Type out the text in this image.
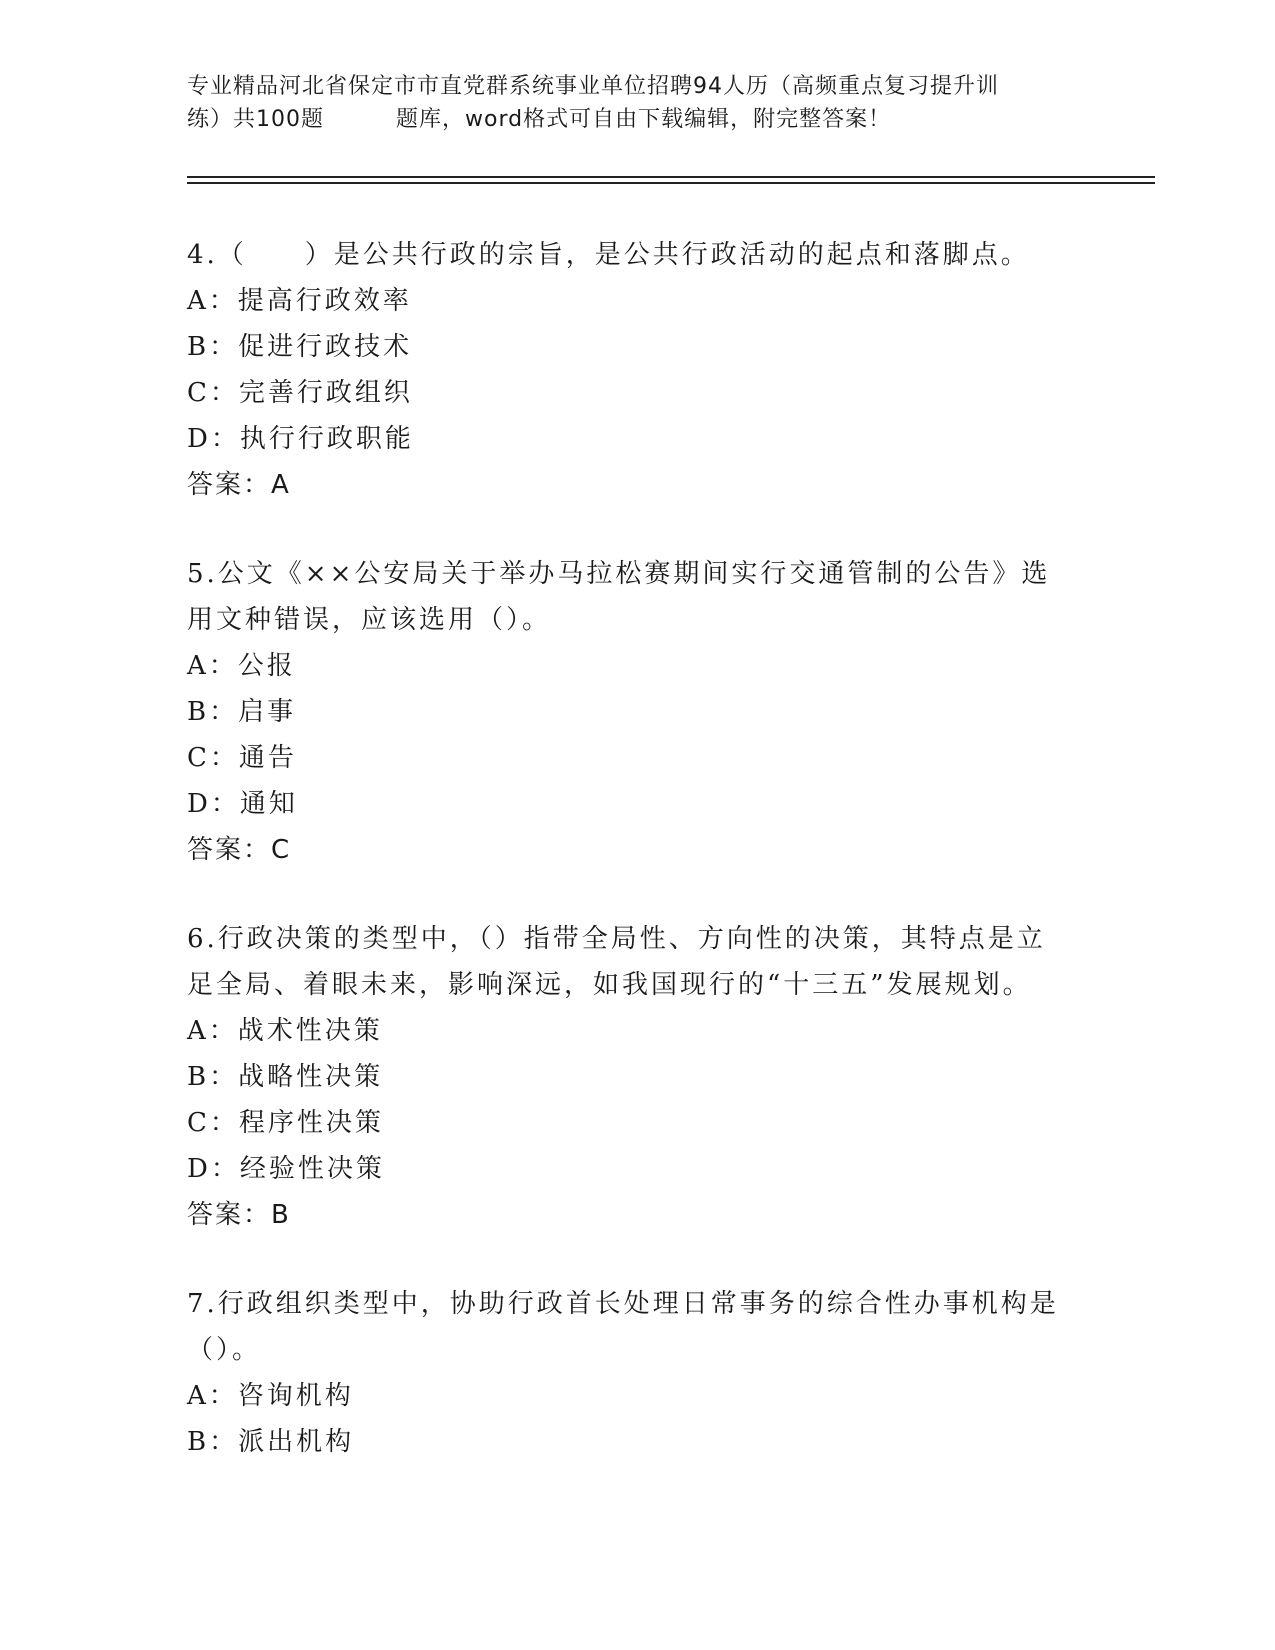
专业精品河北省保定市市直党群系统事业单位招聘94人历（高频重点复习提升训
练）共100题	题库，word格式可自由下载编辑，附完整答案！
4.（　　）是公共行政的宗旨，是公共行政活动的起点和落脚点。
A：提高行政效率
B：促进行政技术
C：完善行政组织
D：执行行政职能
答案：A
5.公文《××公安局关于举办马拉松赛期间实行交通管制的公告》选用文种错误，应该选用（）。
A：公报
B：启事
C：通告
D：通知
答案：C
6.行政决策的类型中，（）指带全局性、方向性的决策，其特点是立足全局、着眼未来，影响深远，如我国现行的“十三五”发展规划。
A：战术性决策
B：战略性决策
C：程序性决策
D：经验性决策
答案：B
7.行政组织类型中，协助行政首长处理日常事务的综合性办事机构是（）。
A：咨询机构
B：派出机构
